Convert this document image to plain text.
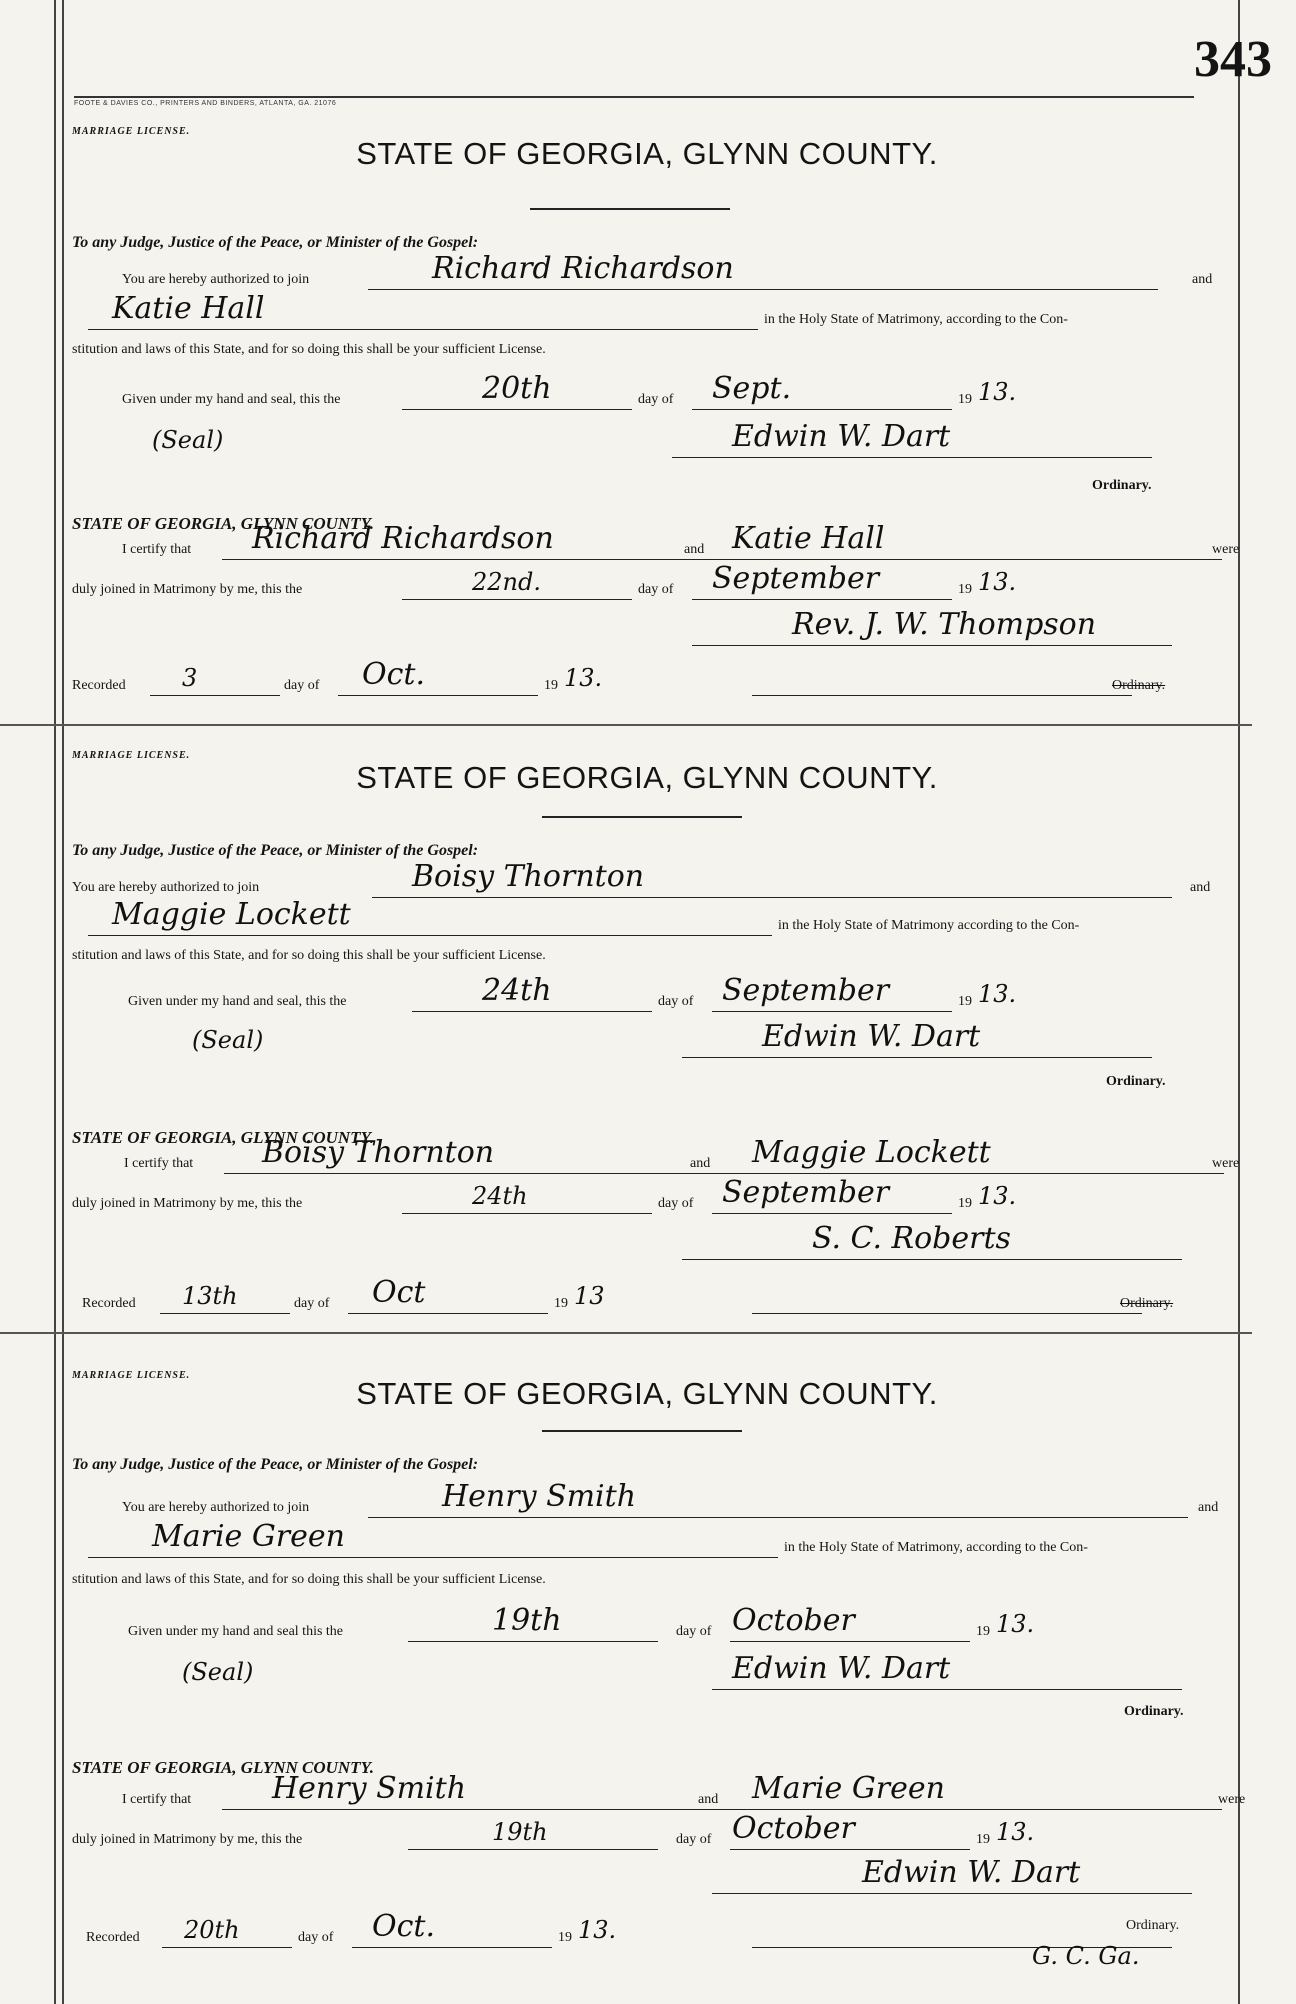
343
FOOTE & DAVIES CO., PRINTERS AND BINDERS, ATLANTA, GA. 21076
MARRIAGE LICENSE.
STATE OF GEORGIA, GLYNN COUNTY.
To any Judge, Justice of the Peace, or Minister of the Gospel:
You are hereby authorized to join	Richard Richardson	and
Katie Hall	in the Holy State of Matrimony, according to the Con-
stitution and laws of this State, and for so doing this shall be your sufficient License.
Given under my hand and seal, this the	20th	day of Sept.	19 13.
(Seal)	Edwin W. Dart
Ordinary.
STATE OF GEORGIA, GLYNN COUNTY.
I certify that Richard Richardson	and Katie Hall	were
duly joined in Matrimony by me, this the	22nd.	day of September	19 13.
Rev. J. W. Thompson
Recorded 3	day of Oct.	19 13.	Ordinary.
MARRIAGE LICENSE.
STATE OF GEORGIA, GLYNN COUNTY.
To any Judge, Justice of the Peace, or Minister of the Gospel:
You are hereby authorized to join	Boisy Thornton	and
Maggie Lockett	in the Holy State of Matrimony according to the Con-
stitution and laws of this State, and for so doing this shall be your sufficient License.
Given under my hand and seal, this the	24th	day of September	19 13.
(Seal)	Edwin W. Dart
Ordinary.
STATE OF GEORGIA, GLYNN COUNTY.
I certify that Boisy Thornton	and Maggie Lockett	were
duly joined in Matrimony by me, this the	24th	day of September	19 13.
S. C. Roberts
Recorded 13th	day of Oct	19 13	Ordinary.
MARRIAGE LICENSE.
STATE OF GEORGIA, GLYNN COUNTY.
To any Judge, Justice of the Peace, or Minister of the Gospel:
You are hereby authorized to join	Henry Smith	and
Marie Green	in the Holy State of Matrimony, according to the Con-
stitution and laws of this State, and for so doing this shall be your sufficient License.
Given under my hand and seal this the	19th	day of October	19 13.
(Seal)	Edwin W. Dart
Ordinary.
STATE OF GEORGIA, GLYNN COUNTY.
I certify that	Henry Smith	and Marie Green	were
duly joined in Matrimony by me, this the	19th	day of October	19 13.
Edwin W. Dart
Recorded 20th	day of Oct.	19 13.	Ordinary.
G. C. Ga.
